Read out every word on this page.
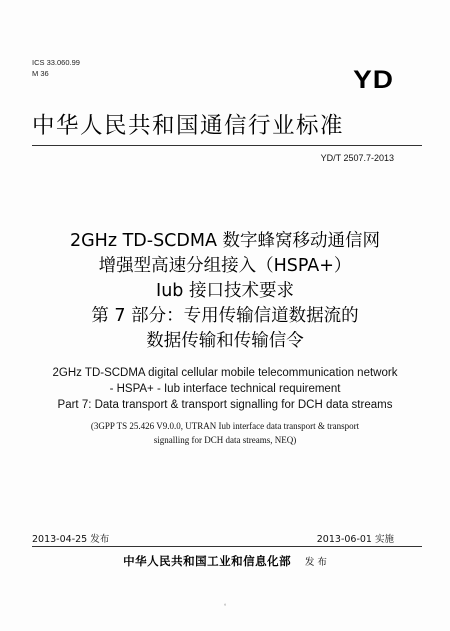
ICS 33.060.99
M 36	YD
中华人民共和国通信行业标准
YD/T 2507.7-2013
2GHz TD-SCDMA 数字蜂窝移动通信网
增强型高速分组接入（HSPA+）
Iub 接口技术要求
第 7 部分：专用传输信道数据流的
数据传输和传输信令
2GHz TD-SCDMA digital cellular mobile telecommunication network
- HSPA+ - Iub interface technical requirement
Part 7: Data transport & transport signalling for DCH data streams
(3GPP TS 25.426 V9.0.0, UTRAN Iub interface data transport & transport
signalling for DCH data streams, NEQ)
2013-04-25 发布	2013-06-01 实施
中华人民共和国工业和信息化部 发 布
。
